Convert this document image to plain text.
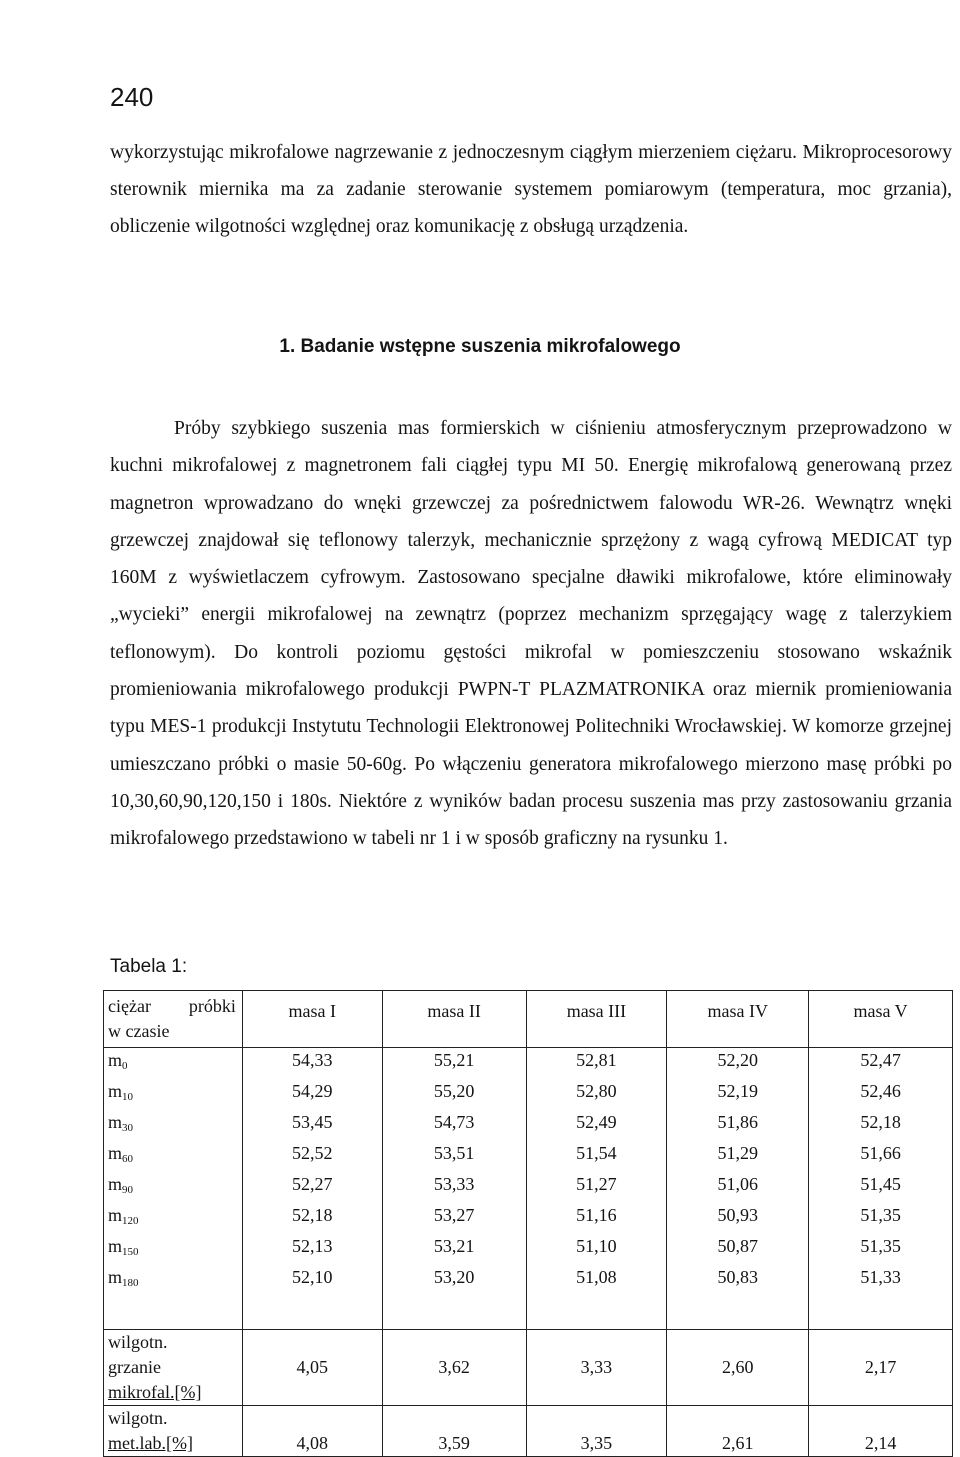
240

wykorzystując mikrofalowe nagrzewanie z jednoczesnym ciągłym mierzeniem ciężaru. Mikroprocesorowy sterownik miernika ma za zadanie sterowanie systemem pomiarowym (temperatura, moc grzania), obliczenie wilgotności względnej oraz komunikację z obsługą urządzenia.

1. Badanie wstępne suszenia mikrofalowego

Próby szybkiego suszenia mas formierskich w ciśnieniu atmosferycznym przeprowadzono w kuchni mikrofalowej z magnetronem fali ciągłej typu MI 50. Energię mikrofalową generowaną przez magnetron wprowadzano do wnęki grzewczej za pośrednictwem falowodu WR-26. Wewnątrz wnęki grzewczej znajdował się teflonowy talerzyk, mechanicznie sprzężony z wagą cyfrową MEDICAT typ 160M z wyświetlaczem cyfrowym. Zastosowano specjalne dławiki mikrofalowe, które eliminowały „wycieki” energii mikrofalowej na zewnątrz (poprzez mechanizm sprzęgający wagę z talerzykiem teflonowym). Do kontroli poziomu gęstości mikrofal w pomieszczeniu stosowano wskaźnik promieniowania mikrofalowego produkcji PWPN-T PLAZMATRONIKA oraz miernik promieniowania typu MES-1 produkcji Instytutu Technologii Elektronowej Politechniki Wrocławskiej. W komorze grzejnej umieszczano próbki o masie 50-60g. Po włączeniu generatora mikrofalowego mierzono masę próbki po 10,30,60,90,120,150 i 180s. Niektóre z wyników badan procesu suszenia mas przy zastosowaniu grzania mikrofalowego przedstawiono w tabeli nr 1 i w sposób graficzny na rysunku 1.

Tabela 1:
ciężar próbki
w czasie	masa I	masa II	masa III	masa IV	masa V
$m_0$	54,33	55,21	52,81	52,20	52,47
$m_{10}$	54,29	55,20	52,80	52,19	52,46
$m_{30}$	53,45	54,73	52,49	51,86	52,18
$m_{60}$	52,52	53,51	51,54	51,29	51,66
$m_{90}$	52,27	53,33	51,27	51,06	51,45
$m_{120}$	52,18	53,27	51,16	50,93	51,35
$m_{150}$	52,13	53,21	51,10	50,87	51,35
$m_{180}$	52,10	53,20	51,08	50,83	51,33

wilgotn.
grzanie
mikrofal.[%]	4,05	3,62	3,33	2,60	2,17

wilgotn.
met.lab.[%]	4,08	3,59	3,35	2,61	2,14
